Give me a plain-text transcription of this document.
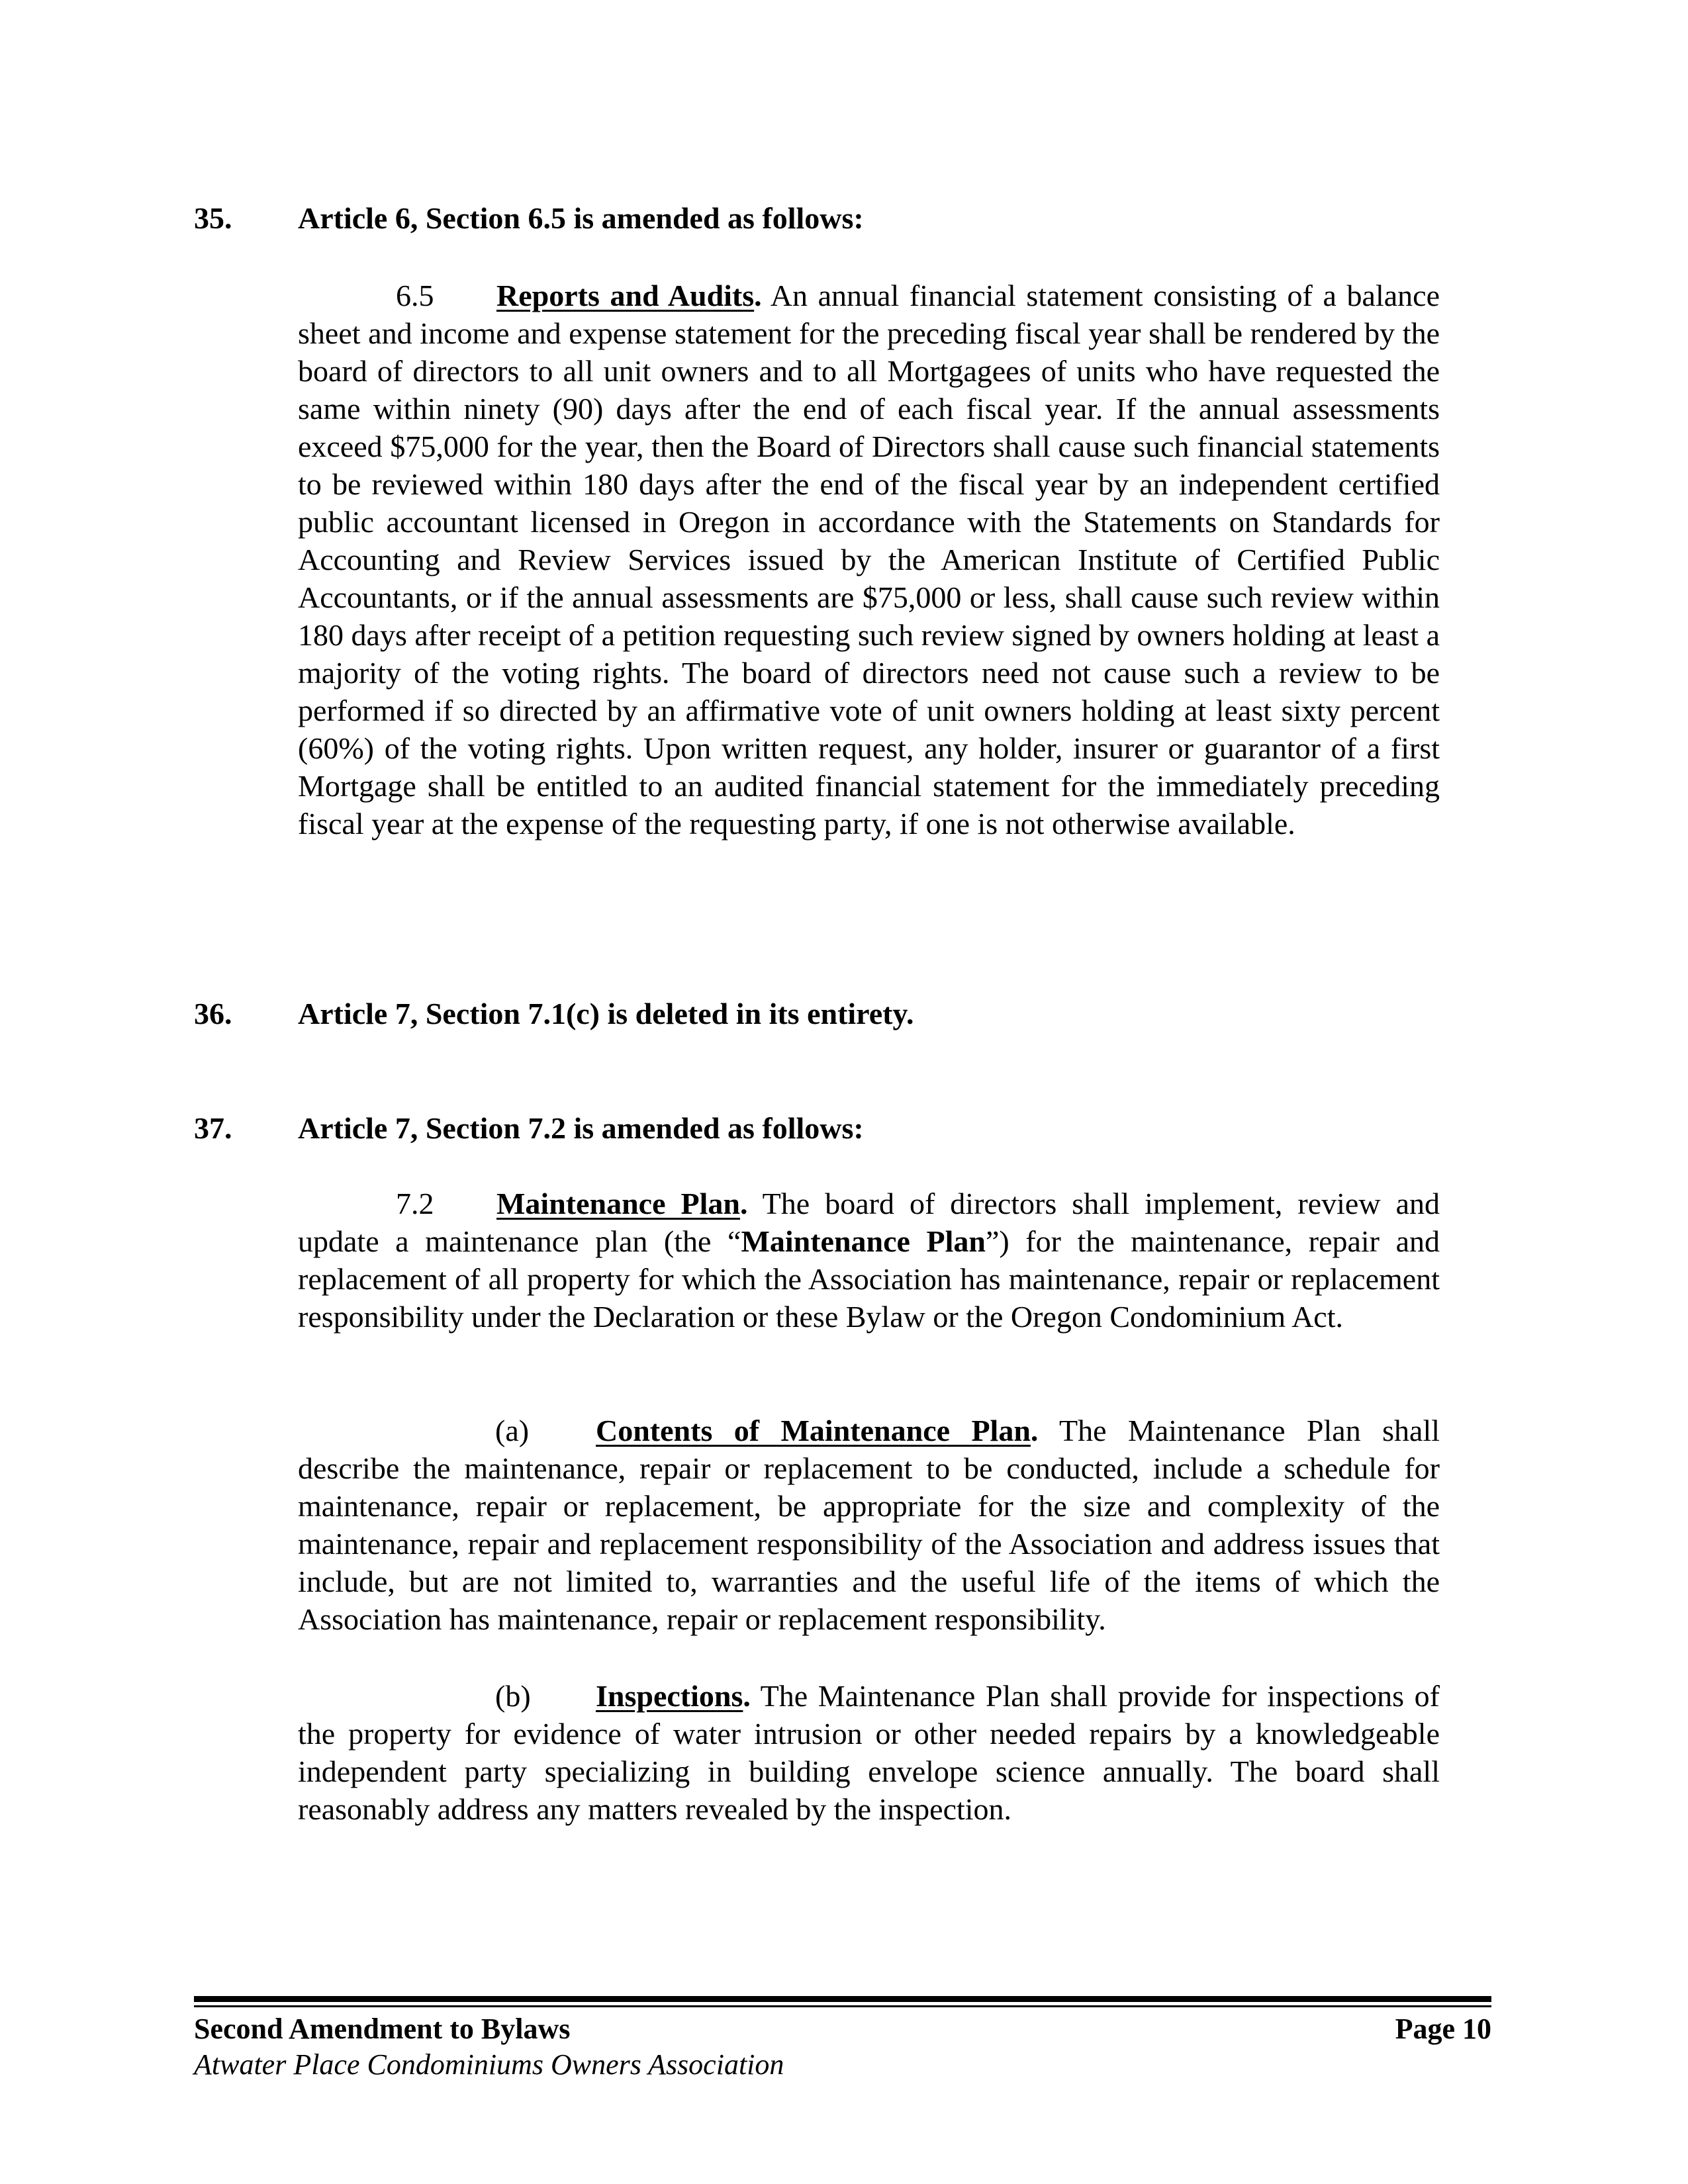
35. Article 6, Section 6.5 is amended as follows:
6.5 Reports and Audits. An annual financial statement consisting of a balance sheet and income and expense statement for the preceding fiscal year shall be rendered by the board of directors to all unit owners and to all Mortgagees of units who have requested the same within ninety (90) days after the end of each fiscal year. If the annual assessments exceed $75,000 for the year, then the Board of Directors shall cause such financial statements to be reviewed within 180 days after the end of the fiscal year by an independent certified public accountant licensed in Oregon in accordance with the Statements on Standards for Accounting and Review Services issued by the American Institute of Certified Public Accountants, or if the annual assessments are $75,000 or less, shall cause such review within 180 days after receipt of a petition requesting such review signed by owners holding at least a majority of the voting rights. The board of directors need not cause such a review to be performed if so directed by an affirmative vote of unit owners holding at least sixty percent (60%) of the voting rights. Upon written request, any holder, insurer or guarantor of a first Mortgage shall be entitled to an audited financial statement for the immediately preceding fiscal year at the expense of the requesting party, if one is not otherwise available.
36. Article 7, Section 7.1(c) is deleted in its entirety.
37. Article 7, Section 7.2 is amended as follows:
7.2 Maintenance Plan. The board of directors shall implement, review and update a maintenance plan (the “Maintenance Plan”) for the maintenance, repair and replacement of all property for which the Association has maintenance, repair or replacement responsibility under the Declaration or these Bylaw or the Oregon Condominium Act.
(a) Contents of Maintenance Plan. The Maintenance Plan shall describe the maintenance, repair or replacement to be conducted, include a schedule for maintenance, repair or replacement, be appropriate for the size and complexity of the maintenance, repair and replacement responsibility of the Association and address issues that include, but are not limited to, warranties and the useful life of the items of which the Association has maintenance, repair or replacement responsibility.
(b) Inspections. The Maintenance Plan shall provide for inspections of the property for evidence of water intrusion or other needed repairs by a knowledgeable independent party specializing in building envelope science annually. The board shall reasonably address any matters revealed by the inspection.
Second Amendment to Bylaws	Page 10
Atwater Place Condominiums Owners Association
